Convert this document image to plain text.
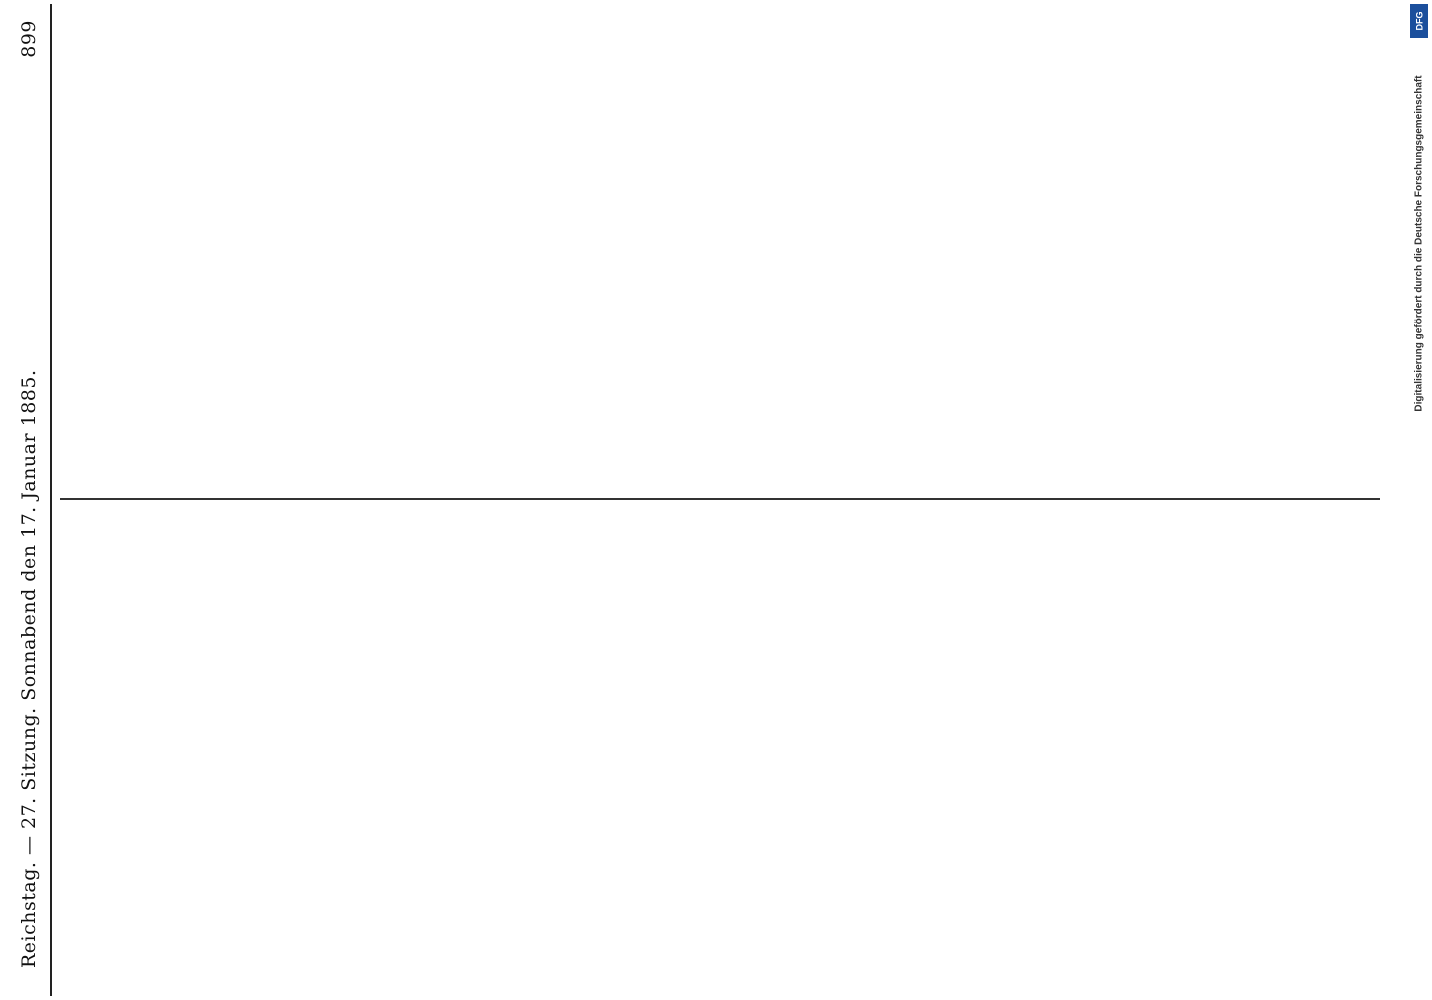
Reichstag. — 27. Sitzung. Sonnabend den 17. Januar 1885.
899	DFG
Digitalisierung gefördert durch die Deutsche Forschungsgemeinschaft
